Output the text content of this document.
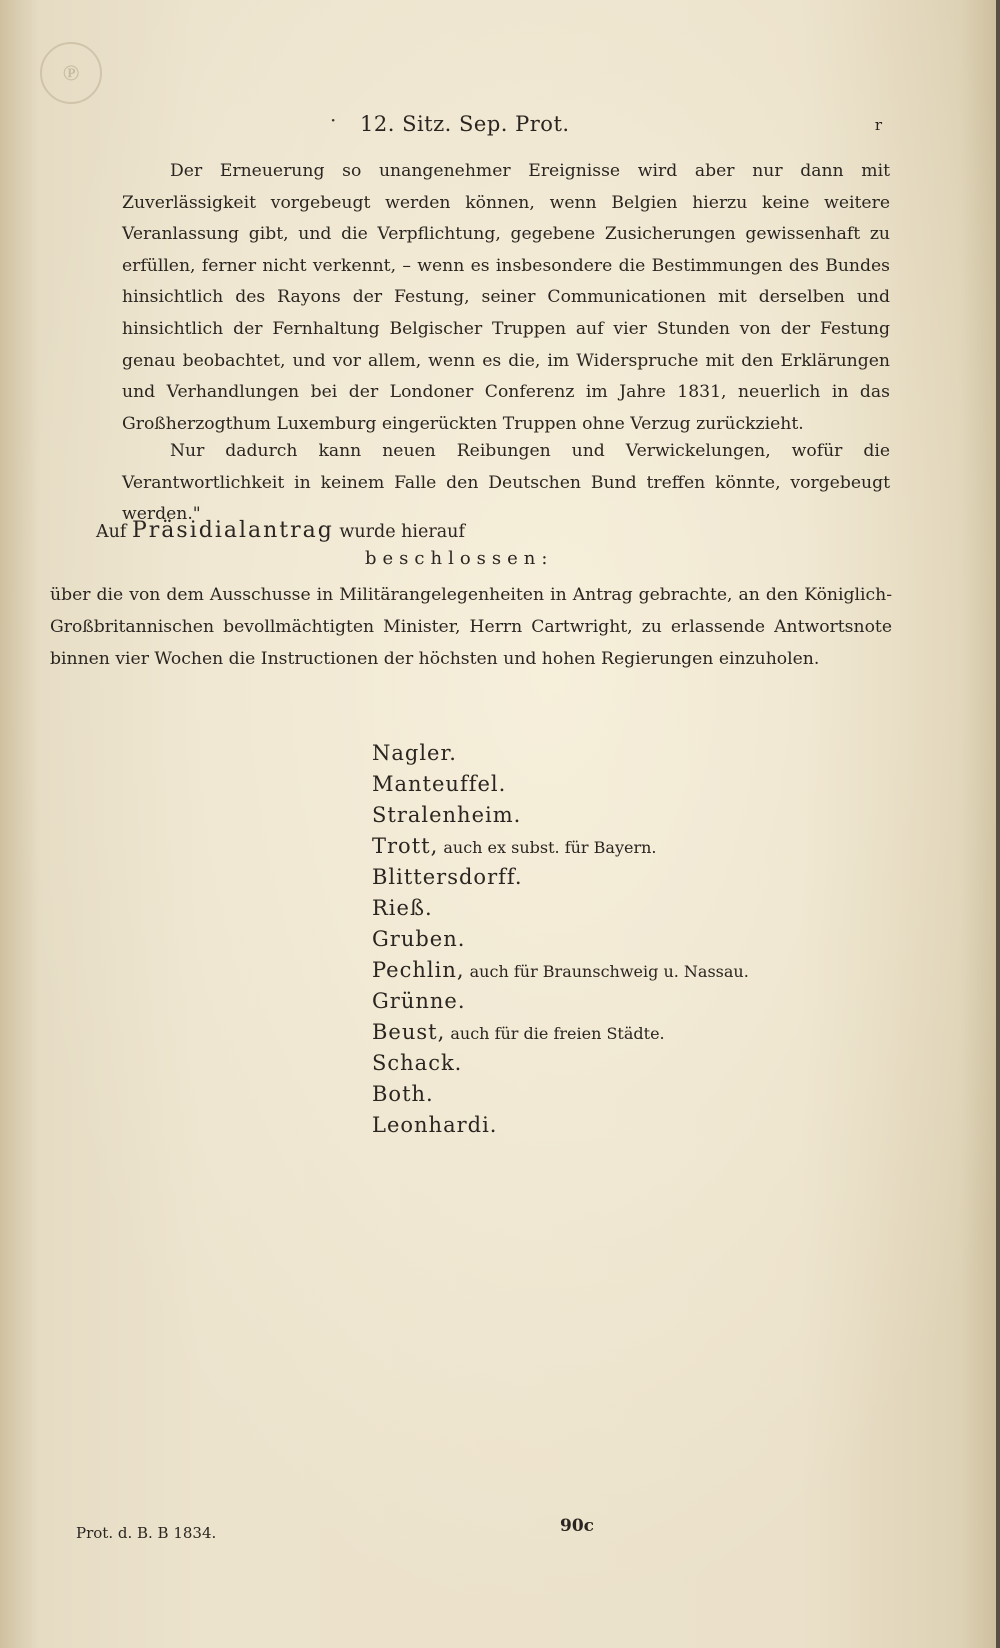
℗
· 12. Sitz. Sep. Prot.	r

Der Erneuerung so unangenehmer Ereignisse wird aber nur dann mit Zuverlässigkeit vorgebeugt werden können, wenn Belgien hierzu keine weitere Veranlassung gibt, und die Verpflichtung, gegebene Zusicherungen gewissenhaft zu erfüllen, ferner nicht verkennt, – wenn es insbesondere die Bestimmungen des Bundes hinsichtlich des Rayons der Festung, seiner Communicationen mit derselben und hinsichtlich der Fernhaltung Belgischer Truppen auf vier Stunden von der Festung genau beobachtet, und vor allem, wenn es die, im Widerspruche mit den Erklärungen und Verhandlungen bei der Londoner Conferenz im Jahre 1831, neuerlich in das Großherzogthum Luxemburg eingerückten Truppen ohne Verzug zurückzieht.

Nur dadurch kann neuen Reibungen und Verwickelungen, wofür die Verantwortlichkeit in keinem Falle den Deutschen Bund treffen könnte, vorgebeugt werden."

Auf Präsidialantrag wurde hierauf
beschlossen:

über die von dem Ausschusse in Militärangelegenheiten in Antrag gebrachte, an den Königlich-Großbritannischen bevollmächtigten Minister, Herrn Cartwright, zu erlassende Antwortsnote binnen vier Wochen die Instructionen der höchsten und hohen Regierungen einzuholen.

Nagler.
Manteuffel.
Stralenheim.
Trott, auch ex subst. für Bayern.
Blittersdorff.
Rieß.
Gruben.
Pechlin, auch für Braunschweig u. Nassau.
Grünne.
Beust, auch für die freien Städte.
Schack.
Both.
Leonhardi.
Prot. d. B. B 1834.	90c
